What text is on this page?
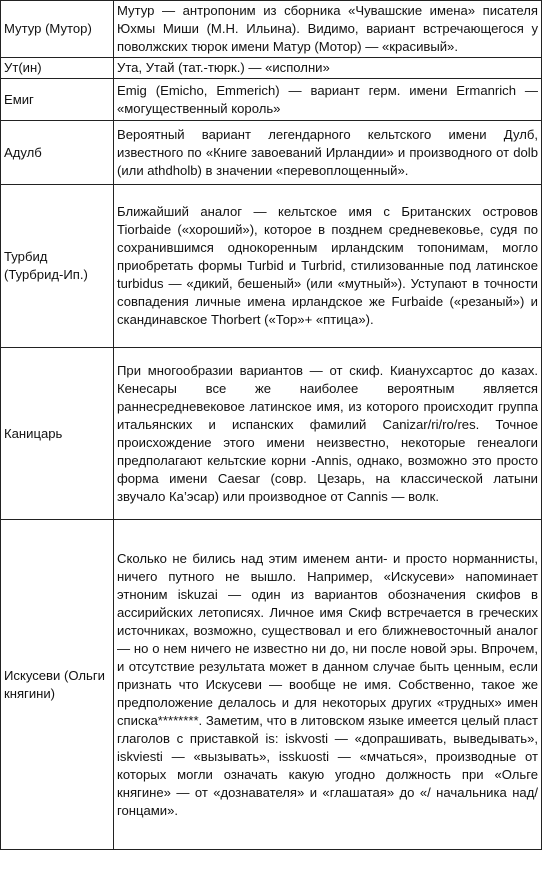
Мутур (Мутор)	Мутур — антропоним из сборника «Чувашские имена» писателя Юхмы Миши (М.Н. Ильина). Видимо, вариант встречающегося у поволжских тюрок имени Матур (Мотор) — «красивый».
Ут(ин)	Ута, Утай (тат.-тюрк.) — «исполни»
Емиг	Emig (Emicho, Emmerich) — вариант герм. имени Ermanrich — «могущественный король»
Адулб	Вероятный вариант легендарного кельтского имени Дулб, известного по «Книге завоеваний Ирландии» и производного от dolb (или athdholb) в значении «перевоплощенный».
Турбид (Турбрид-Ип.)	Ближайший аналог — кельтское имя с Британских островов Tiorbaide («хороший»), которое в позднем средневековье, судя по сохранившимся однокоренным ирландским топонимам, могло приобретать формы Turbid и Turbrid, стилизованные под латинское turbidus — «дикий, бешеный» (или «мутный»). Уступают в точности совпадения личные имена ирландское же Furbaide («резаный») и скандинавское Thorbert («Тор»+ «птица»).
Каницарь	При многообразии вариантов — от скиф. Кианухсартос до казах. Кенесары все же наиболее вероятным является раннесредневековое латинское имя, из которого происходит группа итальянских и испанских фамилий Canizar/ri/ro/res. Точное происхождение этого имени неизвестно, некоторые генеалоги предполагают кельтские корни -Annis, однако, возможно это просто форма имени Caesar (совр. Цезарь, на классической латыни звучало Ка’эсар) или производное от Cannis — волк.
Искусеви (Ольги княгини)	Сколько не бились над этим именем анти- и просто норманнисты, ничего путного не вышло. Например, «Искусеви» напоминает этноним iskuzai — один из вариантов обозначения скифов в ассирийских летописях. Личное имя Скиф встречается в греческих источниках, возможно, существовал и его ближневосточный аналог — но о нем ничего не известно ни до, ни после новой эры. Впрочем, и отсутствие результата может в данном случае быть ценным, если признать что Искусеви — вообще не имя. Собственно, такое же предположение делалось и для некоторых других «трудных» имен списка********. Заметим, что в литовском языке имеется целый пласт глаголов с приставкой is: iskvosti — «допрашивать, выведывать», iskviesti — «вызывать», isskuosti — «мчаться», производные от которых могли означать какую угодно должность при «Ольге княгине» — от «дознавателя» и «глашатая» до «/ начальника над/ гонцами».
